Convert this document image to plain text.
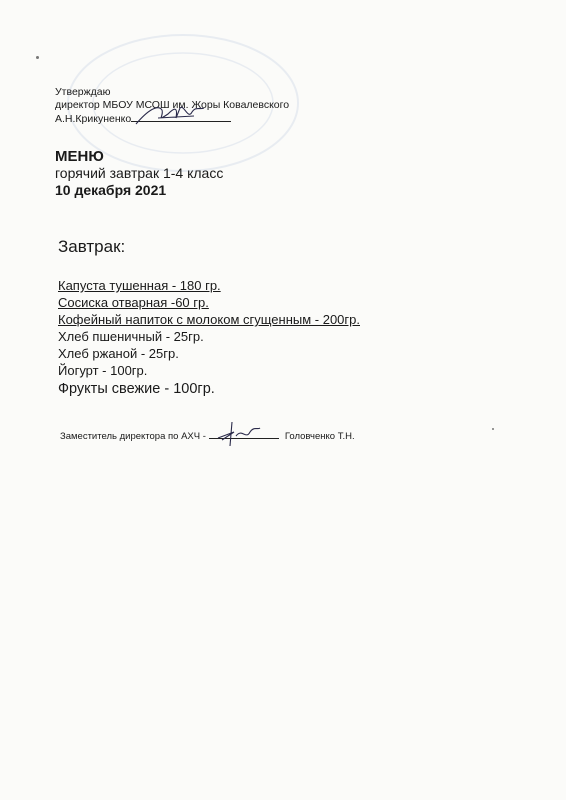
Утверждаю
директор МБОУ МСОШ им. Жоры Ковалевского
А.Н.Крикуненко
МЕНЮ
горячий завтрак 1-4 класс
10 декабря 2021
Завтрак:
Капуста тушенная - 180 гр.
Сосиска отварная -60 гр.
Кофейный напиток с молоком сгущенным - 200гр.
Хлеб пшеничный - 25гр.
Хлеб ржаной - 25гр.
Йогурт - 100гр.
Фрукты свежие - 100гр.
Заместитель директора по АХЧ -	Головченко Т.Н.
